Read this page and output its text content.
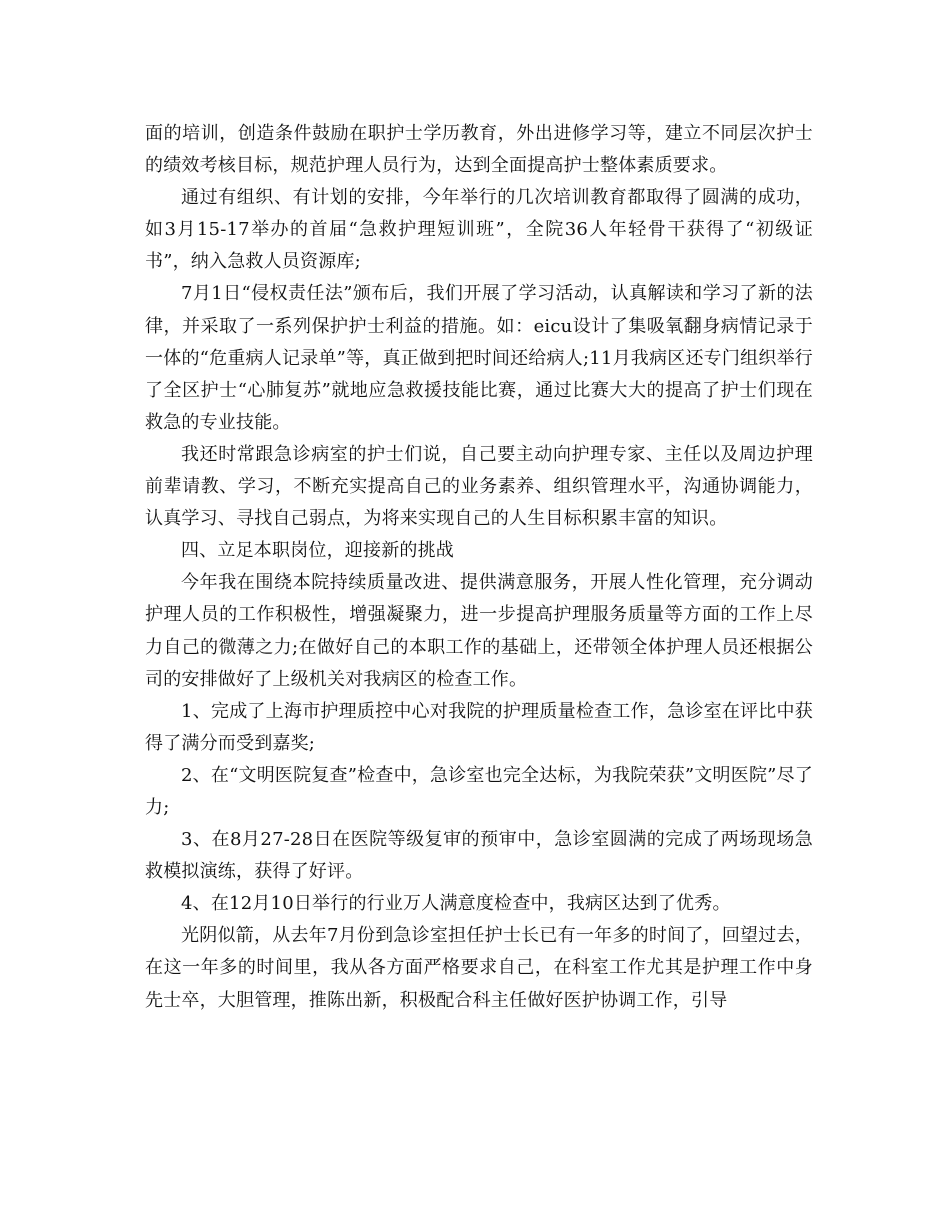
面的培训，创造条件鼓励在职护士学历教育，外出进修学习等，建立不同层次护士的绩效考核目标，规范护理人员行为，达到全面提高护士整体素质要求。

通过有组织、有计划的安排，今年举行的几次培训教育都取得了圆满的成功，如3月15-17举办的首届“急救护理短训班”，全院36人年轻骨干获得了“初级证书”，纳入急救人员资源库;

7月1日“侵权责任法”颁布后，我们开展了学习活动，认真解读和学习了新的法律，并采取了一系列保护护士利益的措施。如：eicu设计了集吸氧翻身病情记录于一体的“危重病人记录单”等，真正做到把时间还给病人;11月我病区还专门组织举行了全区护士“心肺复苏”就地应急救援技能比赛，通过比赛大大的提高了护士们现在救急的专业技能。

我还时常跟急诊病室的护士们说，自己要主动向护理专家、主任以及周边护理前辈请教、学习，不断充实提高自己的业务素养、组织管理水平，沟通协调能力，认真学习、寻找自己弱点，为将来实现自己的人生目标积累丰富的知识。

四、立足本职岗位，迎接新的挑战

今年我在围绕本院持续质量改进、提供满意服务，开展人性化管理，充分调动护理人员的工作积极性，增强凝聚力，进一步提高护理服务质量等方面的工作上尽力自己的微薄之力;在做好自己的本职工作的基础上，还带领全体护理人员还根据公司的安排做好了上级机关对我病区的检查工作。

1、完成了上海市护理质控中心对我院的护理质量检查工作，急诊室在评比中获得了满分而受到嘉奖;

2、在“文明医院复查”检查中，急诊室也完全达标，为我院荣获”文明医院”尽了力;

3、在8月27-28日在医院等级复审的预审中，急诊室圆满的完成了两场现场急救模拟演练，获得了好评。

4、在12月10日举行的行业万人满意度检查中，我病区达到了优秀。

光阴似箭，从去年7月份到急诊室担任护士长已有一年多的时间了，回望过去，在这一年多的时间里，我从各方面严格要求自己，在科室工作尤其是护理工作中身先士卒，大胆管理，推陈出新，积极配合科主任做好医护协调工作，引导
